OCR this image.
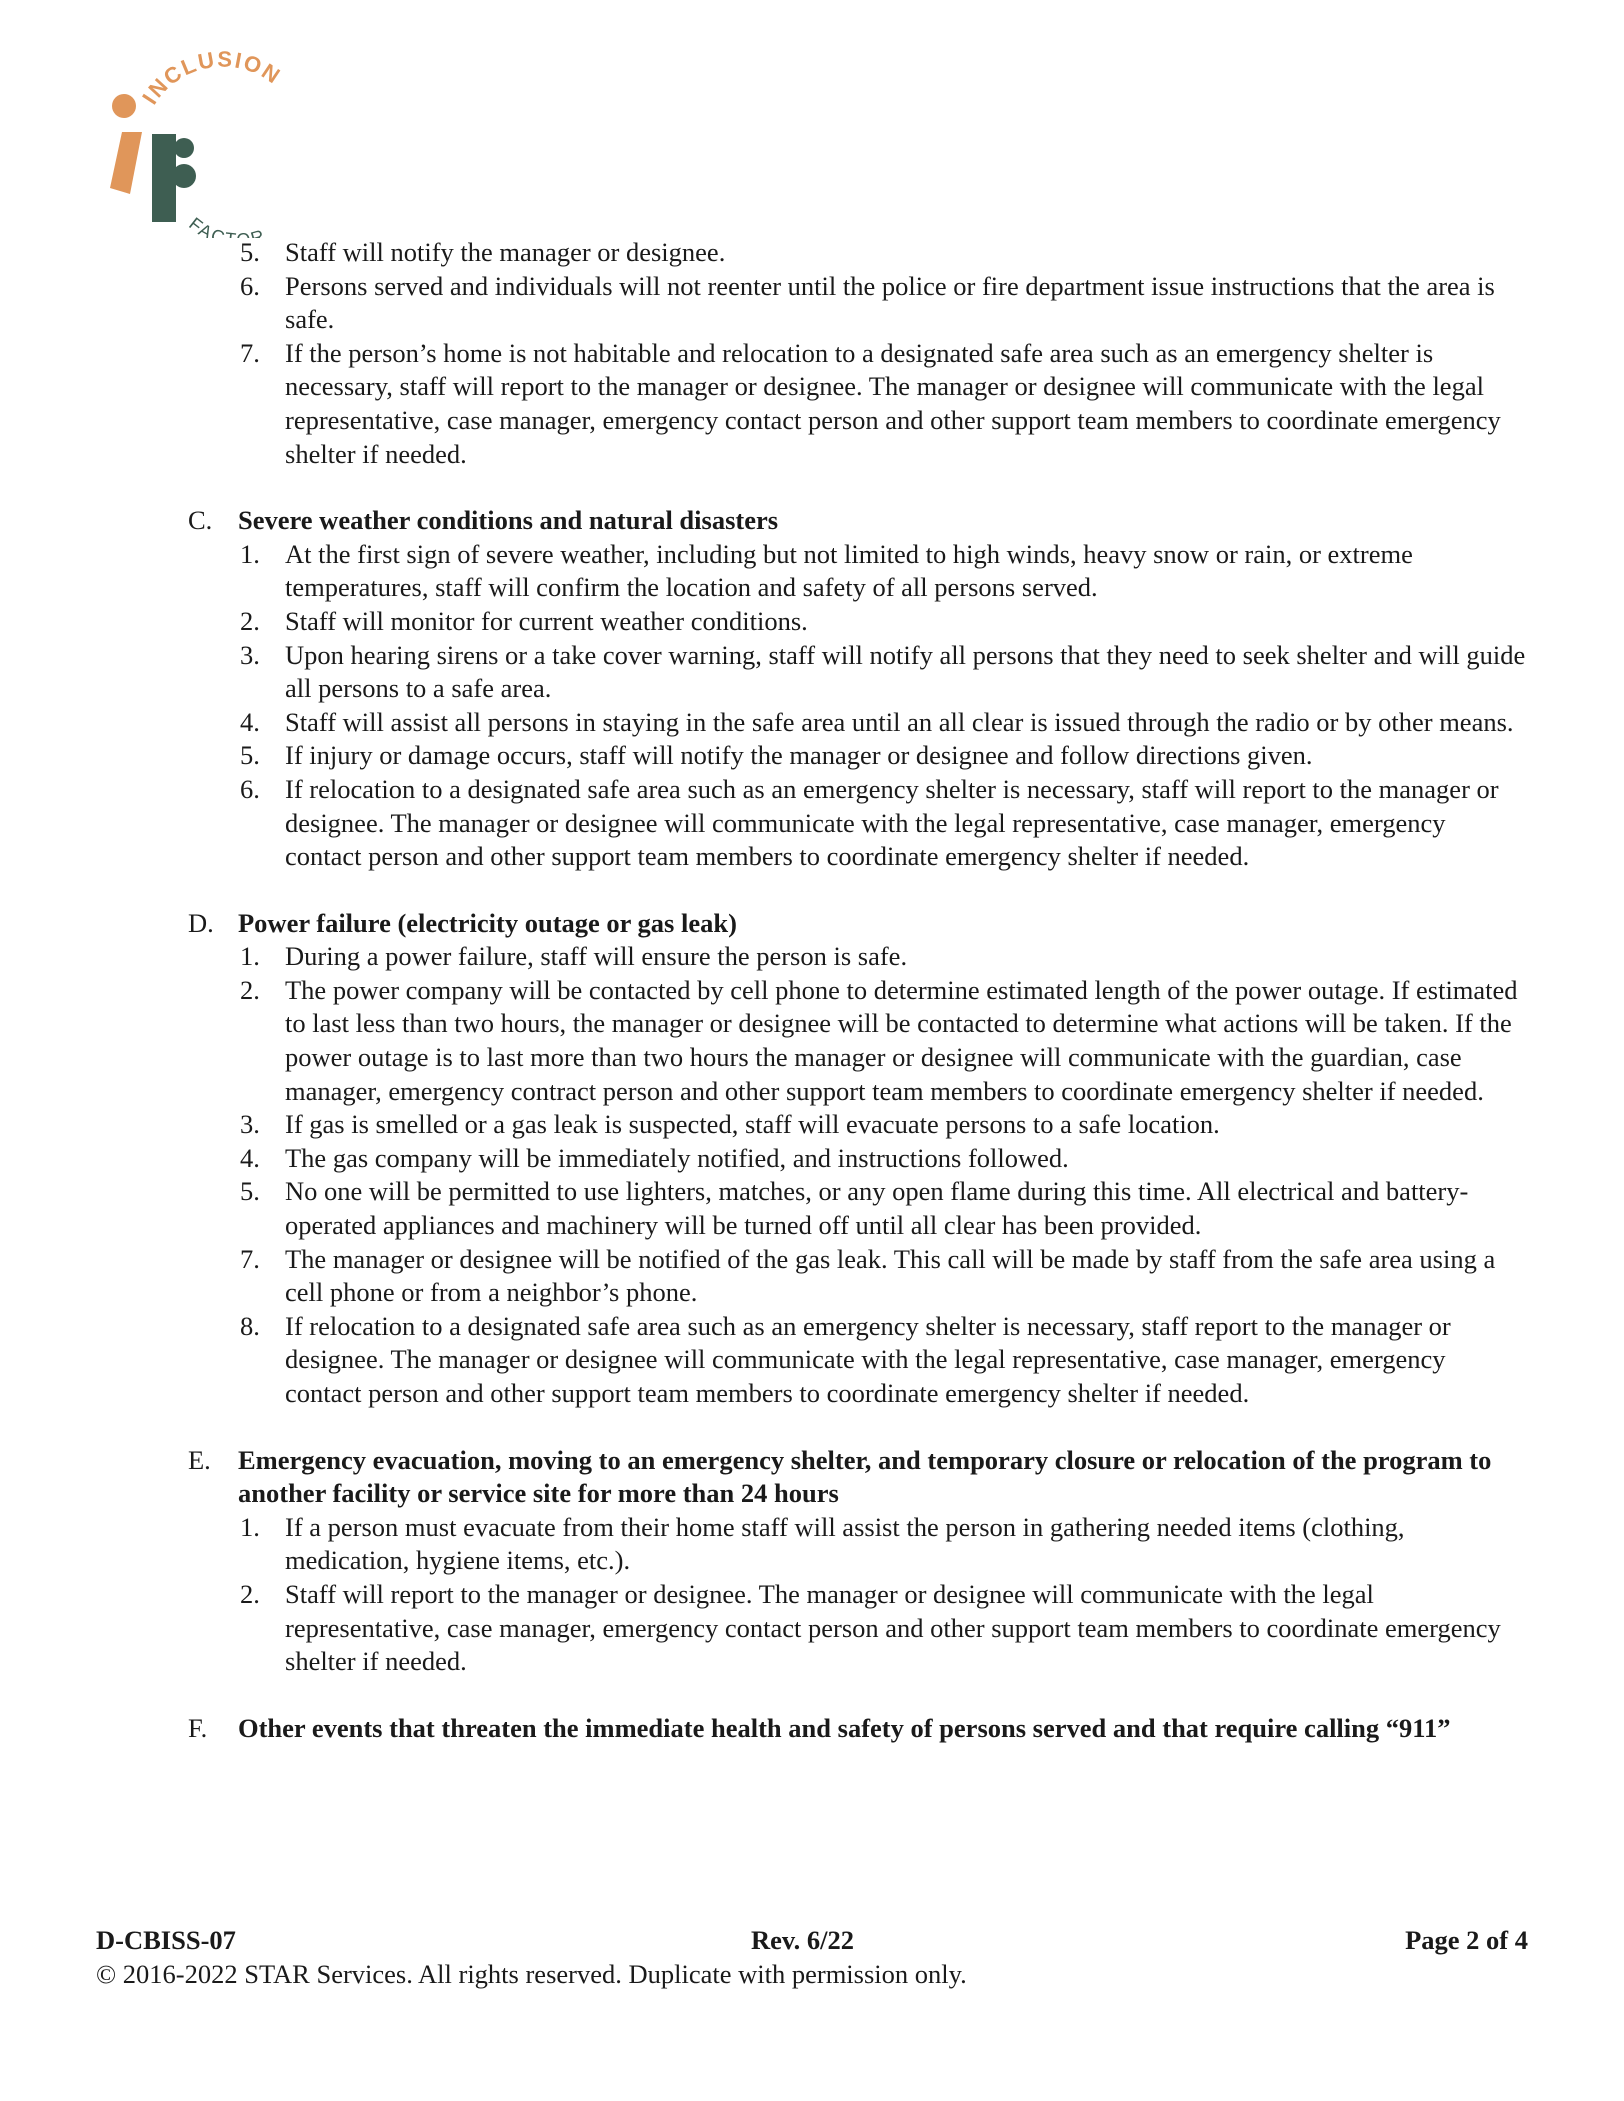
INCLUSION
FAC R
5. Staff will notify the manager or designee.
6. Persons served and individuals will not reenter until the police or fire department issue instructions that the area is safe.
7. If the person’s home is not habitable and relocation to a designated safe area such as an emergency shelter is necessary, staff will report to the manager or designee. The manager or designee will communicate with the legal representative, case manager, emergency contact person and other support team members to coordinate emergency shelter if needed.
C. Severe weather conditions and natural disasters
1. At the first sign of severe weather, including but not limited to high winds, heavy snow or rain, or extreme temperatures, staff will confirm the location and safety of all persons served.
2. Staff will monitor for current weather conditions.
3. Upon hearing sirens or a take cover warning, staff will notify all persons that they need to seek shelter and will guide all persons to a safe area.
4. Staff will assist all persons in staying in the safe area until an all clear is issued through the radio or by other means.
5. If injury or damage occurs, staff will notify the manager or designee and follow directions given.
6. If relocation to a designated safe area such as an emergency shelter is necessary, staff will report to the manager or designee. The manager or designee will communicate with the legal representative, case manager, emergency contact person and other support team members to coordinate emergency shelter if needed.
D. Power failure (electricity outage or gas leak)
1. During a power failure, staff will ensure the person is safe.
2. The power company will be contacted by cell phone to determine estimated length of the power outage. If estimated to last less than two hours, the manager or designee will be contacted to determine what actions will be taken. If the power outage is to last more than two hours the manager or designee will communicate with the guardian, case manager, emergency contract person and other support team members to coordinate emergency shelter if needed.
3. If gas is smelled or a gas leak is suspected, staff will evacuate persons to a safe location.
4. The gas company will be immediately notified, and instructions followed.
5. No one will be permitted to use lighters, matches, or any open flame during this time. All electrical and battery-operated appliances and machinery will be turned off until all clear has been provided.
7. The manager or designee will be notified of the gas leak. This call will be made by staff from the safe area using a cell phone or from a neighbor’s phone.
8. If relocation to a designated safe area such as an emergency shelter is necessary, staff report to the manager or designee. The manager or designee will communicate with the legal representative, case manager, emergency contact person and other support team members to coordinate emergency shelter if needed.
E. Emergency evacuation, moving to an emergency shelter, and temporary closure or relocation of the program to another facility or service site for more than 24 hours
1. If a person must evacuate from their home staff will assist the person in gathering needed items (clothing, medication, hygiene items, etc.).
2. Staff will report to the manager or designee. The manager or designee will communicate with the legal representative, case manager, emergency contact person and other support team members to coordinate emergency shelter if needed.
F. Other events that threaten the immediate health and safety of persons served and that require calling “911”
D-CBISS-07	Rev. 6/22	Page 2 of 4
© 2016-2022 STAR Services. All rights reserved. Duplicate with permission only.
